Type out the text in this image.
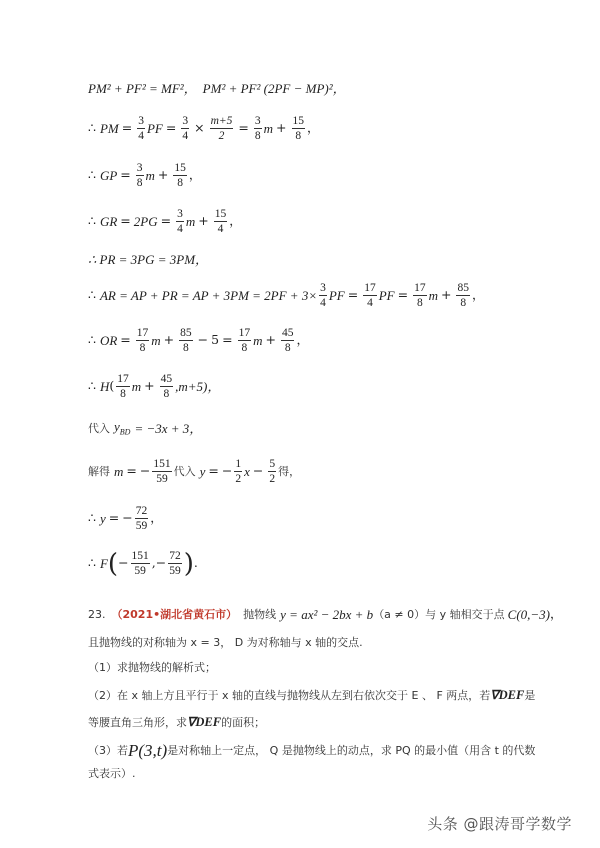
PM² + PF² = MF²， PM² + PF² (2PF − MP)²，
∴ PM = $\frac{3}{4}$ PF = $\frac{3}{4} \times \frac{m+5}{2} = \frac{3}{8}$ $m + \frac{15}{8}$ ，
∴ GP = $\frac{3}{8}$ $m + \frac{15}{8}$ ，
∴ GR = $2PG = \frac{3}{4}$ $m + \frac{15}{4}$ ，
∴ PR = 3PG = 3PM，
∴ AR = AP + PR = AP + $3PM = 2PF + 3\times \frac{3}{4}$ PF = $\frac{17}{4}$ PF = $\frac{17}{8}$ $m + \frac{85}{8}$ ，
∴ OR = $\frac{17}{8}$ $m + \frac{85}{8} - 5 = \frac{17}{8}$ $m + \frac{45}{8}$ ，
∴ H ( $\frac{17}{8}$ $m + \frac{45}{8} ,m+5$)，
代入 $y_{BD} = -3x + 3$，
解得 m = − $\frac{151}{59}$ 代入 y = − $\frac{1}{2}$ $x - \frac{5}{2}$ 得，
∴ y = − $\frac{72}{59}$ ，
∴ F ( − $\frac{151}{59}$ ,− $\frac{72}{59}$ ) .
23. （2021•湖北省黄石市） 抛物线 y = ax² − 2bx + b （a ≠ 0） 与 y 轴相交于点 C(0,−3) ，
且抛物线的对称轴为 x = 3， D 为对称轴与 x 轴的交点.
（1）求抛物线的解析式；
（2）在 x 轴上方且平行于 x 轴的直线与抛物线从左到右依次交于 E 、 F 两点，若 ∇DEF 是
等腰直角三角形，求 ∇DEF 的面积；
（3）若 P(3,t) 是对称轴上一定点， Q 是抛物线上的动点，求 PQ 的最小值（用含 t 的代数
式表示）.
头条 @跟涛哥学数学
